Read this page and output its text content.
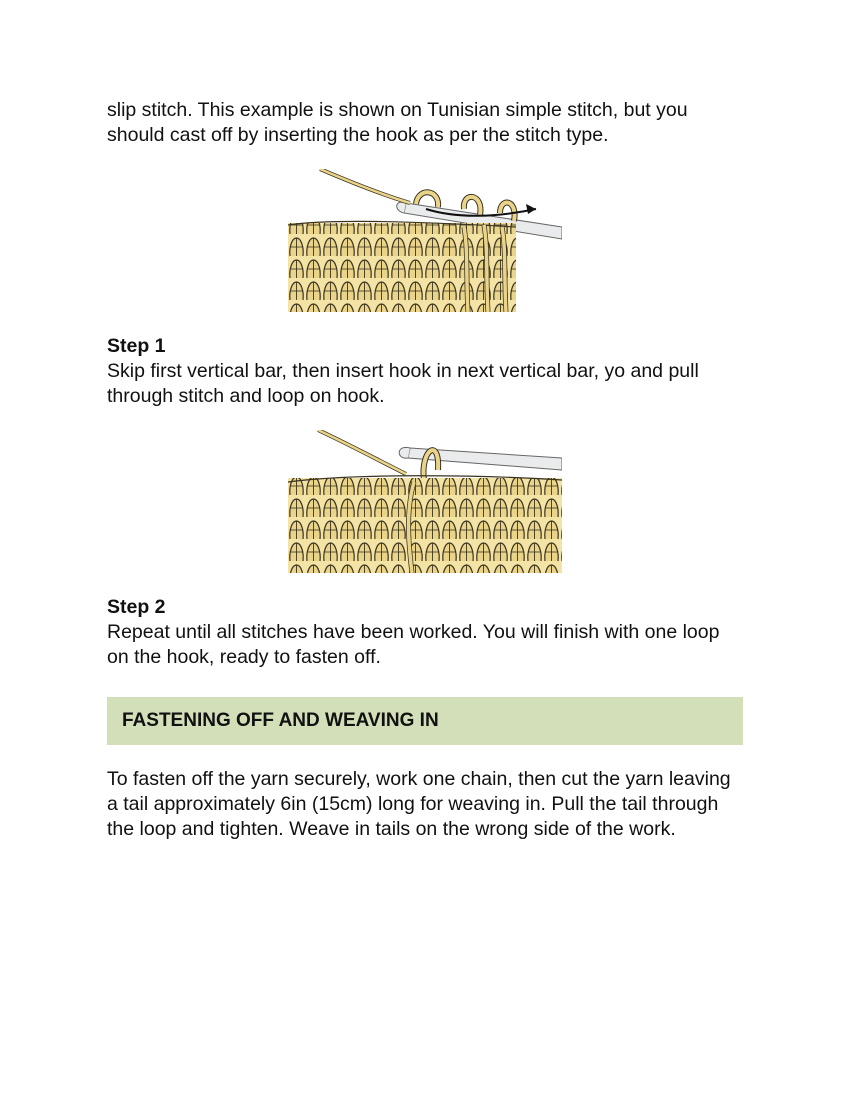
slip stitch. This example is shown on Tunisian simple stitch, but you should cast off by inserting the hook as per the stitch type.

Step 1

Skip first vertical bar, then insert hook in next vertical bar, yo and pull through stitch and loop on hook.

Step 2

Repeat until all stitches have been worked. You will finish with one loop on the hook, ready to fasten off.

FASTENING OFF AND WEAVING IN

To fasten off the yarn securely, work one chain, then cut the yarn leaving a tail approximately 6in (15cm) long for weaving in. Pull the tail through the loop and tighten. Weave in tails on the wrong side of the work.
